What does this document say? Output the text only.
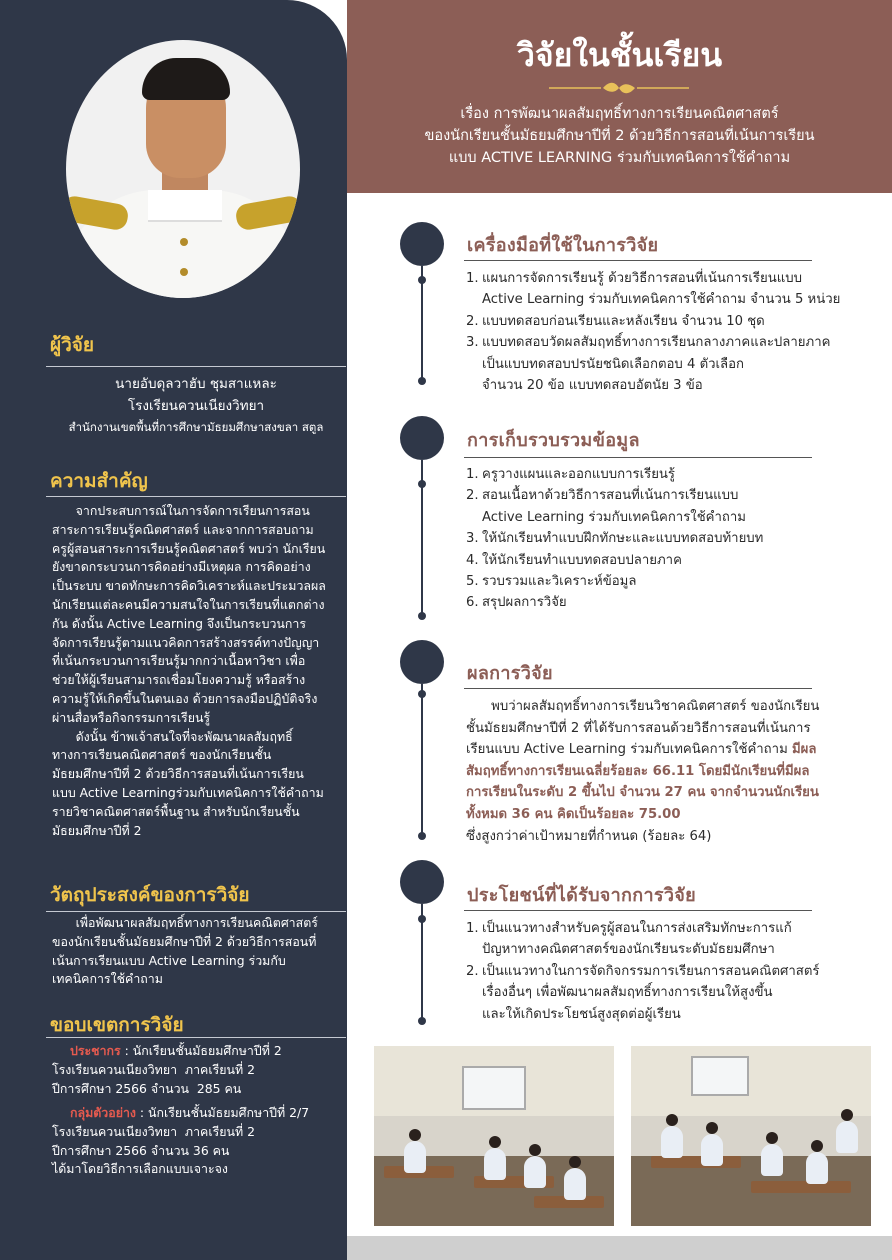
ผู้วิจัย
นายอับดุลวาฮับ ชุมสาแหละ
โรงเรียนควนเนียงวิทยา
สำนักงานเขตพื้นที่การศึกษามัธยมศึกษาสงขลา สตูล
ความสำคัญ
จากประสบการณ์ในการจัดการเรียนการสอน
สาระการเรียนรู้คณิตศาสตร์ และจากการสอบถาม
ครูผู้สอนสาระการเรียนรู้คณิตศาสตร์ พบว่า นักเรียน
ยังขาดกระบวนการคิดอย่างมีเหตุผล การคิดอย่าง
เป็นระบบ ขาดทักษะการคิดวิเคราะห์และประมวลผล
นักเรียนแต่ละคนมีความสนใจในการเรียนที่แตกต่าง
กัน ดังนั้น Active Learning จึงเป็นกระบวนการ
จัดการเรียนรู้ตามแนวคิดการสร้างสรรค์ทางปัญญา
ที่เน้นกระบวนการเรียนรู้มากกว่าเนื้อหาวิชา เพื่อ
ช่วยให้ผู้เรียนสามารถเชื่อมโยงความรู้ หรือสร้าง
ความรู้ให้เกิดขึ้นในตนเอง ด้วยการลงมือปฏิบัติจริง
ผ่านสื่อหรือกิจกรรมการเรียนรู้
ดังนั้น ข้าพเจ้าสนใจที่จะพัฒนาผลสัมฤทธิ์
ทางการเรียนคณิตศาสตร์ ของนักเรียนชั้น
มัธยมศึกษาปีที่ 2 ด้วยวิธีการสอนที่เน้นการเรียน
แบบ Active Learningร่วมกับเทคนิคการใช้คำถาม
รายวิชาคณิตศาสตร์พื้นฐาน สำหรับนักเรียนชั้น
มัธยมศึกษาปีที่ 2
วัตถุประสงค์ของการวิจัย
เพื่อพัฒนาผลสัมฤทธิ์ทางการเรียนคณิตศาสตร์
ของนักเรียนชั้นมัธยมศึกษาปีที่ 2 ด้วยวิธีการสอนที่
เน้นการเรียนแบบ Active Learning ร่วมกับ
เทคนิคการใช้คำถาม
ขอบเขตการวิจัย
ประชากร : นักเรียนชั้นมัธยมศึกษาปีที่ 2

โรงเรียนควนเนียงวิทยา  ภาคเรียนที่ 2
ปีการศึกษา 2566 จำนวน  285 คน
กลุ่มตัวอย่าง : นักเรียนชั้นมัธยมศึกษาปีที่ 2/7

โรงเรียนควนเนียงวิทยา  ภาคเรียนที่ 2
ปีการศึกษา 2566 จำนวน 36 คน
ได้มาโดยวิธีการเลือกแบบเจาะจง
วิจัยในชั้นเรียน
เรื่อง การพัฒนาผลสัมฤทธิ์ทางการเรียนคณิตศาสตร์
ของนักเรียนชั้นมัธยมศึกษาปีที่ 2 ด้วยวิธีการสอนที่เน้นการเรียน
แบบ ACTIVE LEARNING ร่วมกับเทคนิคการใช้คำถาม
เครื่องมือที่ใช้ในการวิจัย
1. แผนการจัดการเรียนรู้ ด้วยวิธีการสอนที่เน้นการเรียนแบบ
Active Learning ร่วมกับเทคนิคการใช้คำถาม จำนวน 5 หน่วย
2. แบบทดสอบก่อนเรียนและหลังเรียน จำนวน 10 ชุด
3. แบบทดสอบวัดผลสัมฤทธิ์ทางการเรียนกลางภาคและปลายภาค
เป็นแบบทดสอบปรนัยชนิดเลือกตอบ 4 ตัวเลือก
จำนวน 20 ข้อ แบบทดสอบอัตนัย 3 ข้อ
การเก็บรวบรวมข้อมูล
1. ครูวางแผนและออกแบบการเรียนรู้
2. สอนเนื้อหาด้วยวิธีการสอนที่เน้นการเรียนแบบ
Active Learning ร่วมกับเทคนิคการใช้คำถาม
3. ให้นักเรียนทำแบบฝึกทักษะและแบบทดสอบท้ายบท
4. ให้นักเรียนทำแบบทดสอบปลายภาค
5. รวบรวมและวิเคราะห์ข้อมูล
6. สรุปผลการวิจัย
ผลการวิจัย
พบว่าผลสัมฤทธิ์ทางการเรียนวิชาคณิตศาสตร์ ของนักเรียน
ชั้นมัธยมศึกษาปีที่ 2 ที่ได้รับการสอนด้วยวิธีการสอนที่เน้นการ
เรียนแบบ Active Learning ร่วมกับเทคนิคการใช้คำถาม มีผล
สัมฤทธิ์ทางการเรียนเฉลี่ยร้อยละ 66.11 โดยมีนักเรียนที่มีผล
การเรียนในระดับ 2 ขึ้นไป จำนวน 27 คน จากจำนวนนักเรียน
ทั้งหมด 36 คน คิดเป็นร้อยละ 75.00
ซึ่งสูงกว่าค่าเป้าหมายที่กำหนด (ร้อยละ 64)
ประโยชน์ที่ได้รับจากการวิจัย
1. เป็นแนวทางสำหรับครูผู้สอนในการส่งเสริมทักษะการแก้
ปัญหาทางคณิตศาสตร์ของนักเรียนระดับมัธยมศึกษา
2. เป็นแนวทางในการจัดกิจกรรมการเรียนการสอนคณิตศาสตร์
เรื่องอื่นๆ เพื่อพัฒนาผลสัมฤทธิ์ทางการเรียนให้สูงขึ้น
และให้เกิดประโยชน์สูงสุดต่อผู้เรียน
